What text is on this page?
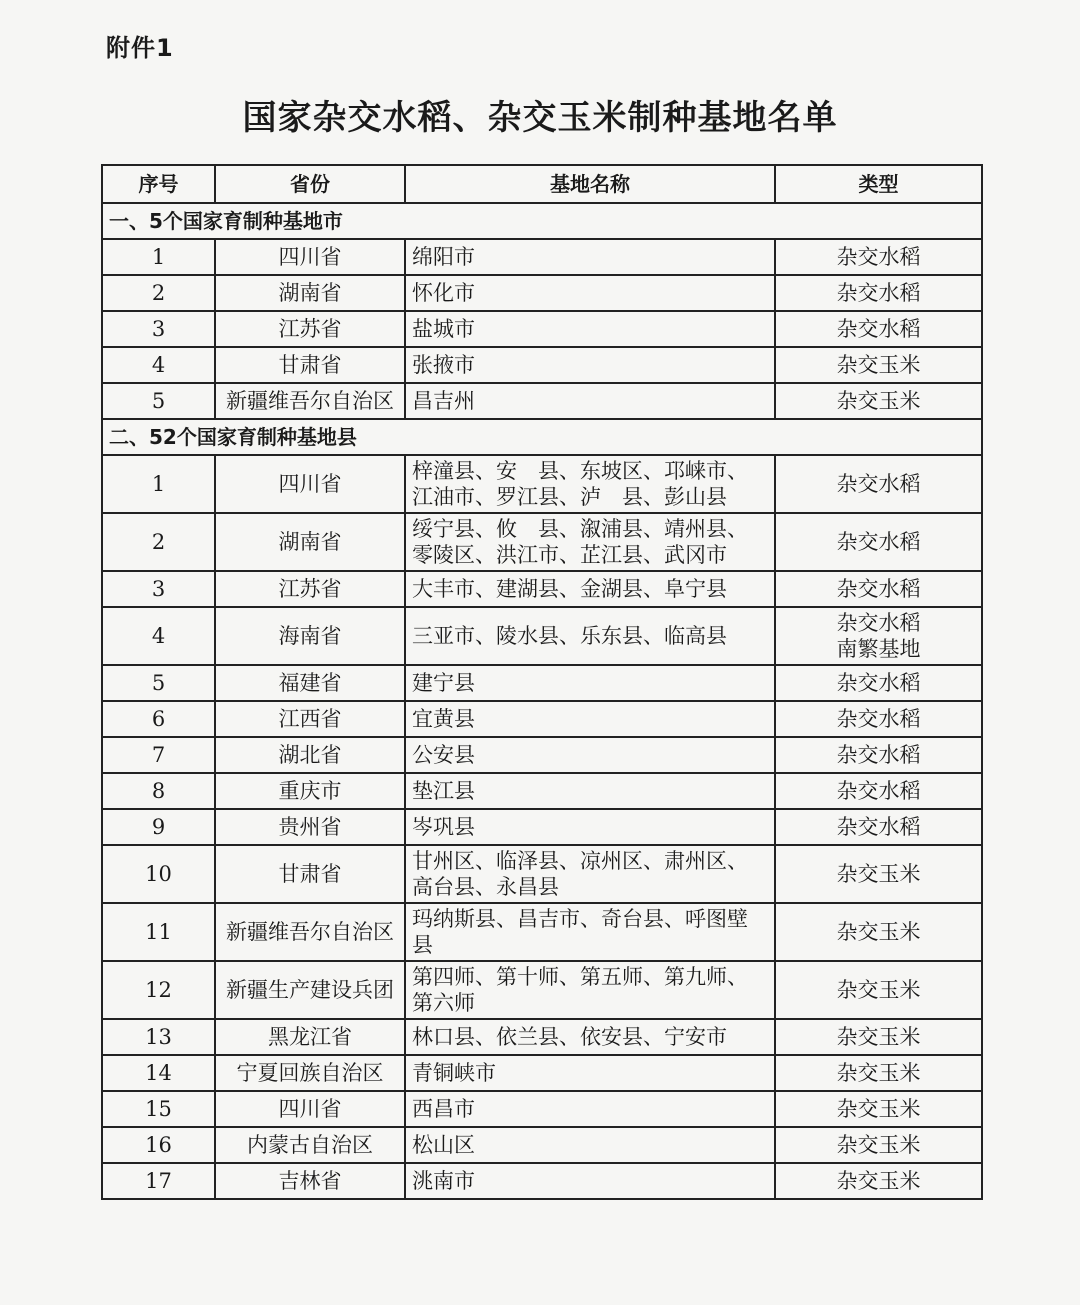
附件1
国家杂交水稻、杂交玉米制种基地名单
序号	省份	基地名称	类型
一、5个国家育制种基地市			
1	四川省	绵阳市	杂交水稻

2	湖南省	怀化市	杂交水稻

3	江苏省	盐城市	杂交水稻

4	甘肃省	张掖市	杂交玉米

5	新疆维吾尔自治区	昌吉州	杂交玉米

二、52个国家育制种基地县			
1	四川省	梓潼县、安　县、东坡区、邛崃市、江油市、罗江县、泸　县、彭山县	杂交水稻

2	湖南省	绥宁县、攸　县、溆浦县、靖州县、零陵区、洪江市、芷江县、武冈市	杂交水稻

3	江苏省	大丰市、建湖县、金湖县、阜宁县	杂交水稻

4	海南省	三亚市、陵水县、乐东县、临高县	杂交水稻
南繁基地

5	福建省	建宁县	杂交水稻

6	江西省	宜黄县	杂交水稻

7	湖北省	公安县	杂交水稻

8	重庆市	垫江县	杂交水稻

9	贵州省	岑巩县	杂交水稻

10	甘肃省	甘州区、临泽县、凉州区、肃州区、高台县、永昌县	杂交玉米

11	新疆维吾尔自治区	玛纳斯县、昌吉市、奇台县、呼图壁县	杂交玉米

12	新疆生产建设兵团	第四师、第十师、第五师、第九师、第六师	杂交玉米

13	黑龙江省	林口县、依兰县、依安县、宁安市	杂交玉米

14	宁夏回族自治区	青铜峡市	杂交玉米

15	四川省	西昌市	杂交玉米

16	内蒙古自治区	松山区	杂交玉米

17	吉林省	洮南市	杂交玉米
